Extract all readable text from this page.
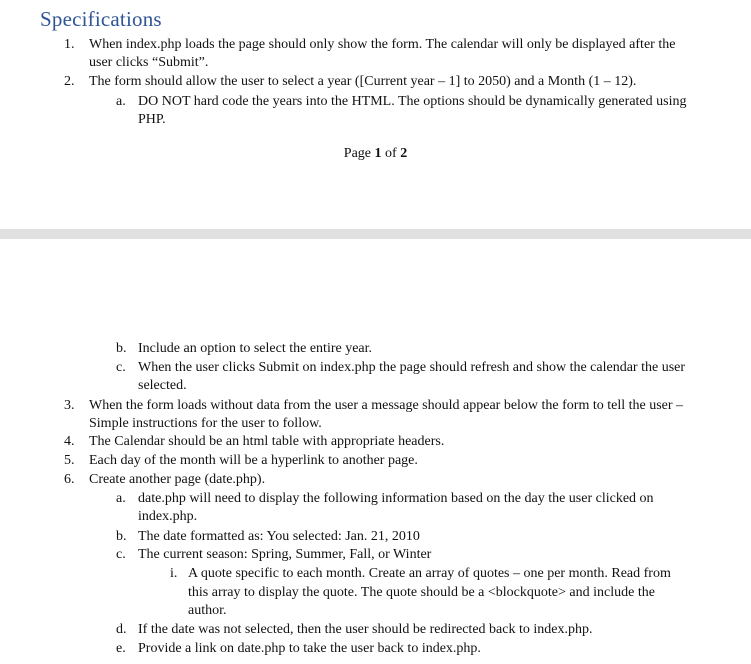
Specifications
1. When index.php loads the page should only show the form. The calendar will only be displayed after the
user clicks “Submit”.
2. The form should allow the user to select a year ([Current year – 1] to 2050) and a Month (1 – 12).
a. DO NOT hard code the years into the HTML. The options should be dynamically generated using
PHP.
Page 1 of 2
b. Include an option to select the entire year.
c. When the user clicks Submit on index.php the page should refresh and show the calendar the user
selected.
3. When the form loads without data from the user a message should appear below the form to tell the user –
Simple instructions for the user to follow.
4. The Calendar should be an html table with appropriate headers.
5. Each day of the month will be a hyperlink to another page.
6. Create another page (date.php).
a. date.php will need to display the following information based on the day the user clicked on
index.php.
b. The date formatted as: You selected: Jan. 21, 2010
c. The current season: Spring, Summer, Fall, or Winter
i. A quote specific to each month. Create an array of quotes – one per month. Read from
this array to display the quote. The quote should be a <blockquote> and include the
author.
d. If the date was not selected, then the user should be redirected back to index.php.
e. Provide a link on date.php to take the user back to index.php.
